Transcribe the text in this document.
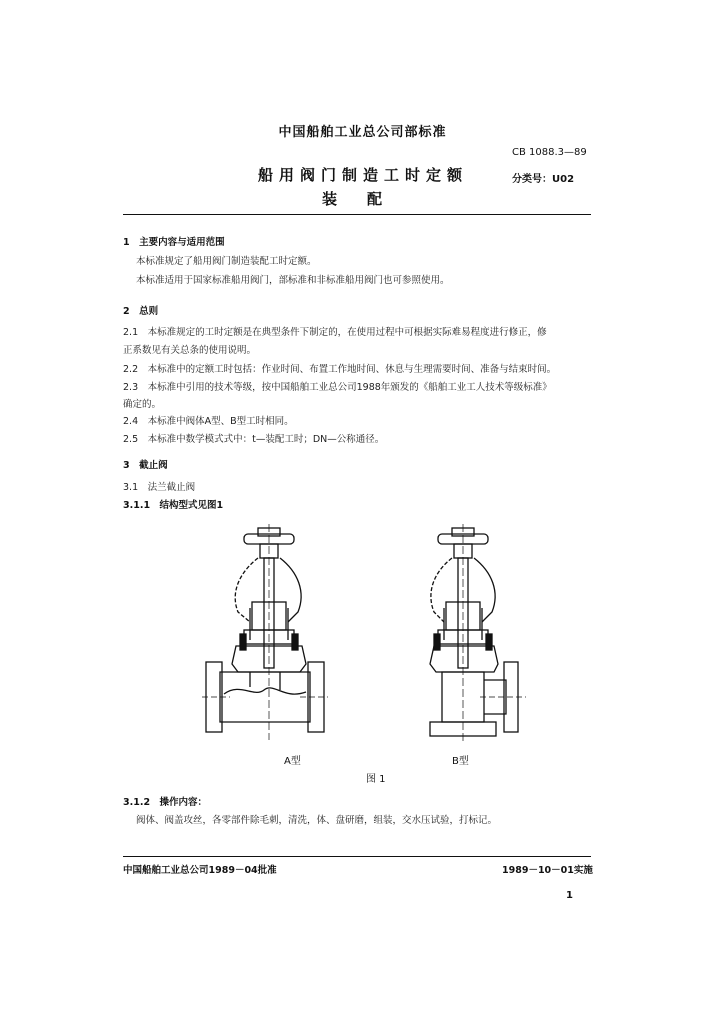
中国船舶工业总公司部标准
CB 1088.3—89
船用阀门制造工时定额	分类号：U02
装配
1　主要内容与适用范围
本标准规定了船用阀门制造装配工时定额。
本标准适用于国家标准船用阀门，部标准和非标准船用阀门也可参照使用。
2　总则
2.1　本标准规定的工时定额是在典型条件下制定的，在使用过程中可根据实际难易程度进行修正，修
正系数见有关总条的使用说明。
2.2　本标准中的定额工时包括：作业时间、布置工作地时间、休息与生理需要时间、准备与结束时间。
2.3　本标准中引用的技术等级，按中国船舶工业总公司1988年颁发的《船舶工业工人技术等级标准》
确定的。
2.4　本标准中阀体A型、B型工时相同。
2.5　本标准中数学模式式中：t—装配工时；DN—公称通径。
3　截止阀
3.1　法兰截止阀
3.1.1　结构型式见图1
A型	B型
图 1
3.1.2　操作内容：
阀体、阀盖攻丝，各零部件除毛刺，清洗，体、盘研磨，组装，交水压试验，打标记。
中国船舶工业总公司1989－04批准	1989－10－01实施
1
